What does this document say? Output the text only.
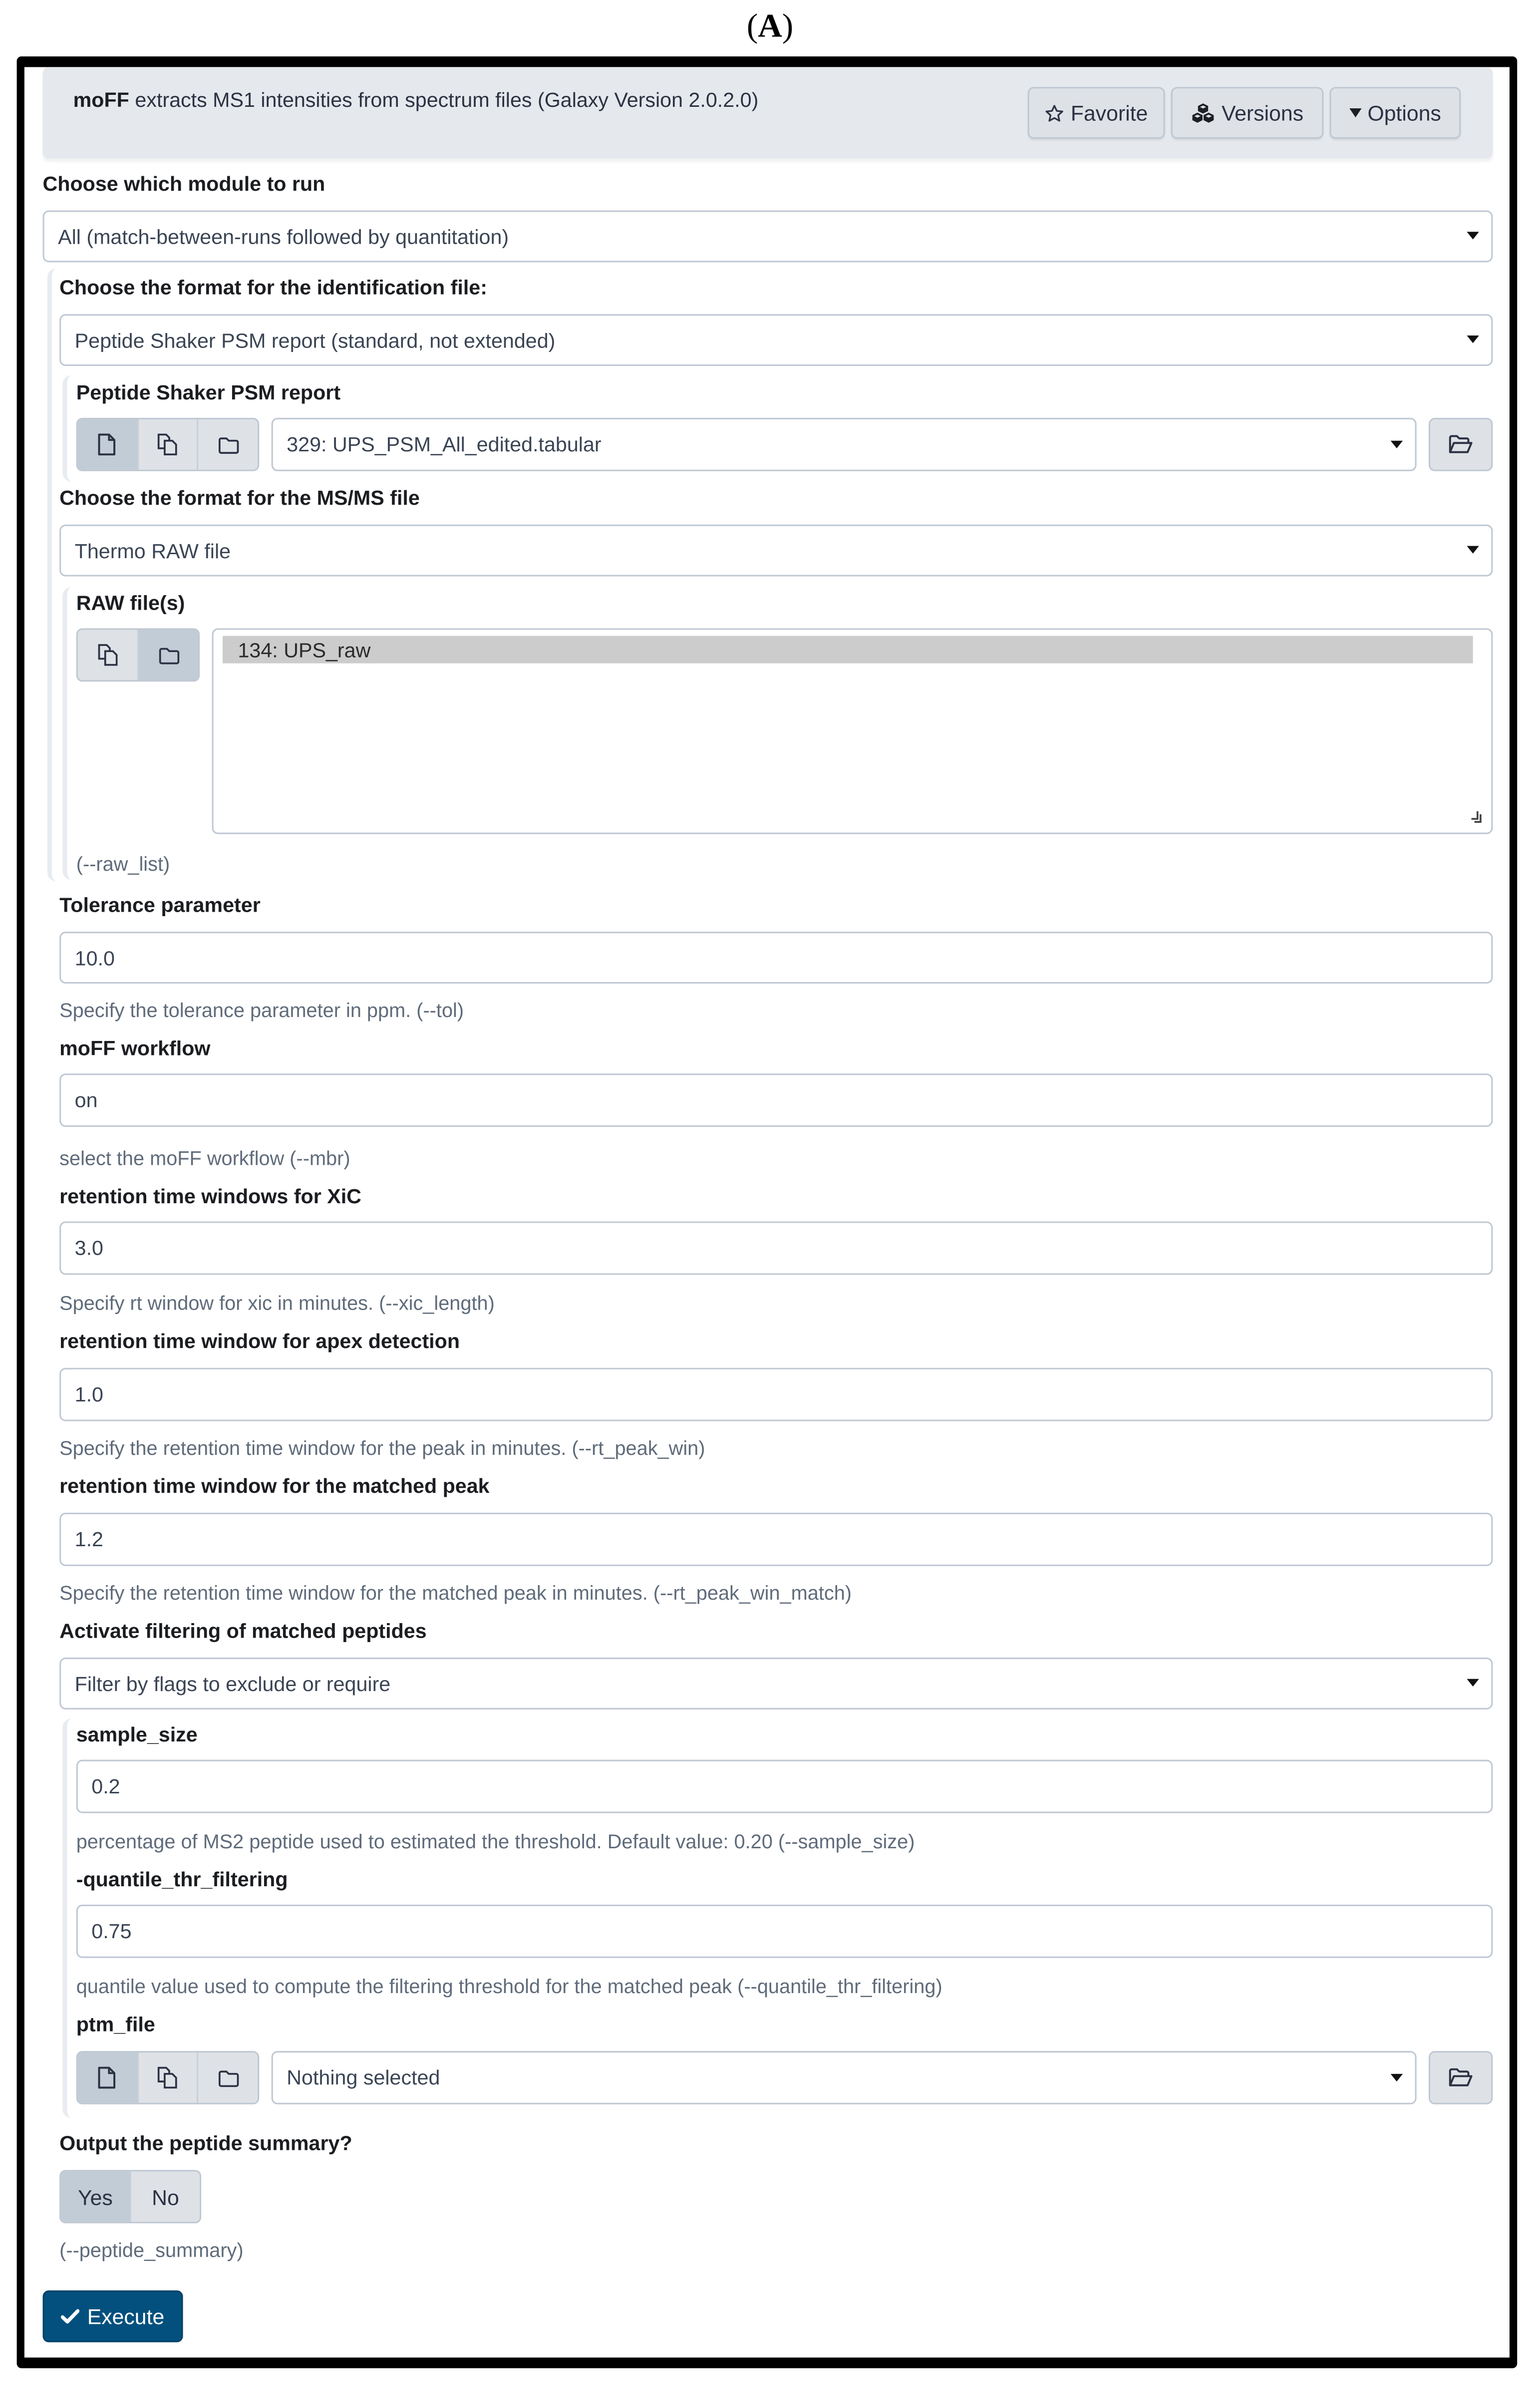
(A)
moFF extracts MS1 intensities from spectrum files (Galaxy Version 2.0.2.0)
Favorite	Versions	Options
Choose which module to run
All (match-between-runs followed by quantitation)
Choose the format for the identification file:
Peptide Shaker PSM report (standard, not extended)
Peptide Shaker PSM report
329: UPS_PSM_All_edited.tabular
Choose the format for the MS/MS file
Thermo RAW file
RAW file(s)
134: UPS_raw
(--raw_list)
Tolerance parameter
10.0
Specify the tolerance parameter in ppm. (--tol)
moFF workflow
on
select the moFF workflow (--mbr)
retention time windows for XiC
3.0
Specify rt window for xic in minutes. (--xic_length)
retention time window for apex detection
1.0
Specify the retention time window for the peak in minutes. (--rt_peak_win)
retention time window for the matched peak
1.2
Specify the retention time window for the matched peak in minutes. (--rt_peak_win_match)
Activate filtering of matched peptides
Filter by flags to exclude or require
sample_size
0.2
percentage of MS2 peptide used to estimated the threshold. Default value: 0.20 (--sample_size)
-quantile_thr_filtering
0.75
quantile value used to compute the filtering threshold for the matched peak (--quantile_thr_filtering)
ptm_file
Nothing selected
Output the peptide summary?
Yes	No
(--peptide_summary)
Execute
